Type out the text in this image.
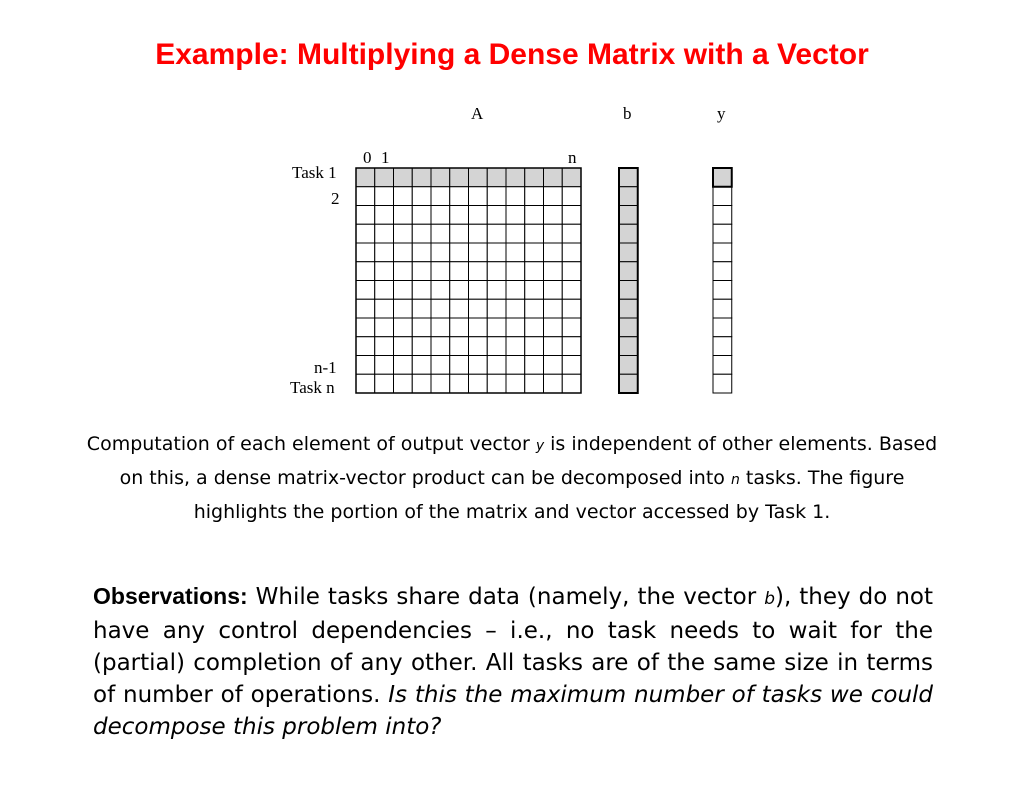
Example: Multiplying a Dense Matrix with a Vector
A	b	y
0 1	n
Task 1
2
n-1
Task n
Computation of each element of output vector y is independent of other elements. Based on this, a dense matrix-vector product can be decomposed into n tasks. The figure highlights the portion of the matrix and vector accessed by Task 1.
Observations: While tasks share data (namely, the vector b), they do not have any control dependencies – i.e., no task needs to wait for the (partial) completion of any other. All tasks are of the same size in terms of number of operations. Is this the maximum number of tasks we could decompose this problem into?
